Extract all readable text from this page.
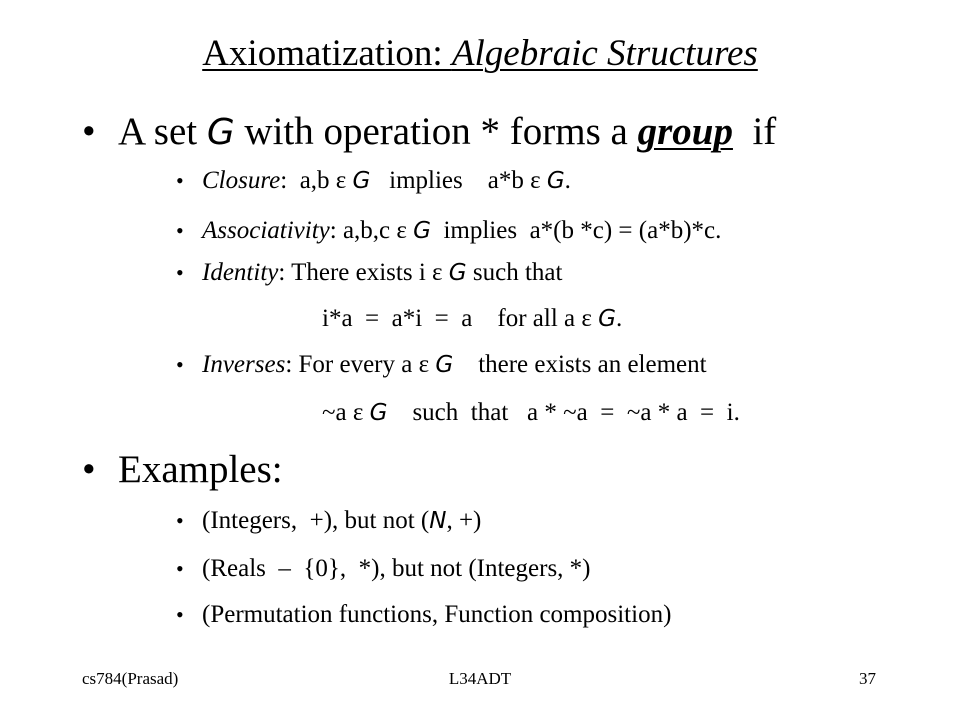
Axiomatization: Algebraic Structures
• A set G with operation * forms a group  if
• Closure:  a,b ε G   implies    a*b ε G.
• Associativity: a,b,c ε G  implies  a*(b *c) = (a*b)*c.
• Identity: There exists i ε G such that
i*a  =  a*i  =  a    for all a ε G.
• Inverses: For every a ε G    there exists an element
~a ε G    such  that   a * ~a  =  ~a * a  =  i.
• Examples:
• (Integers,  +), but not (N, +)
• (Reals  –  {0},  *), but not (Integers, *)
• (Permutation functions, Function composition)
cs784(Prasad)	L34ADT	37
